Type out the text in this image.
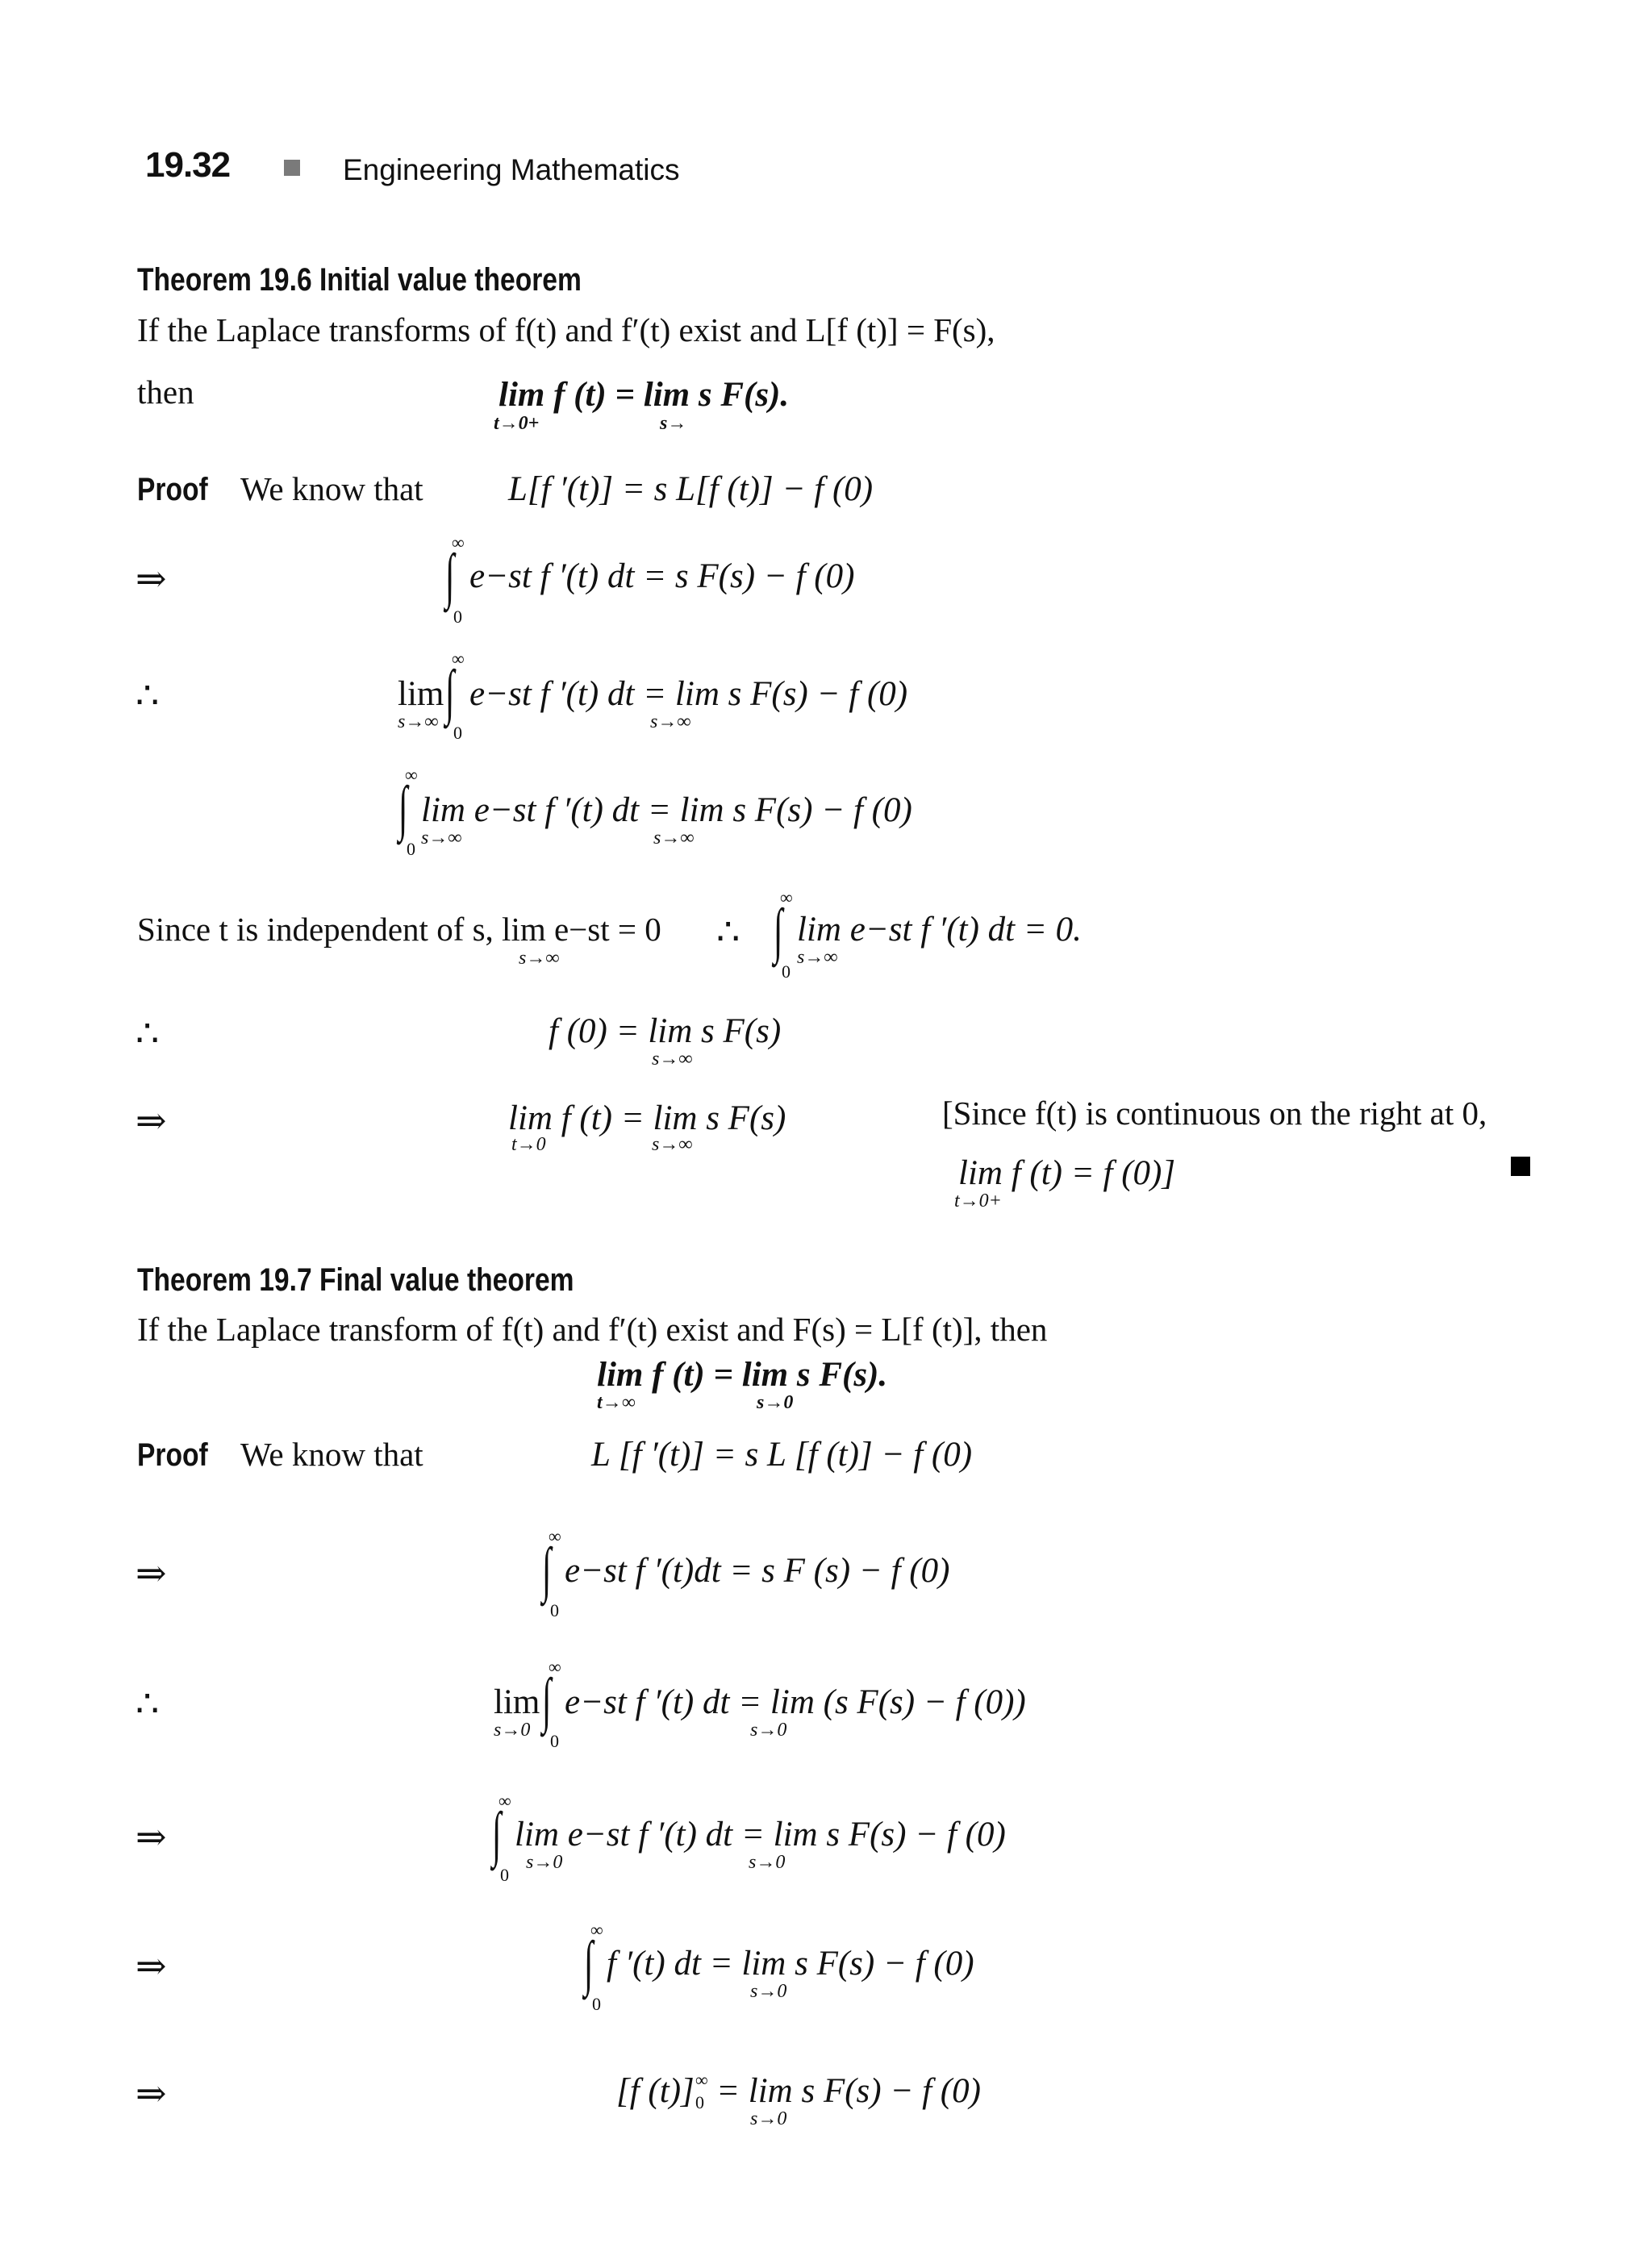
19.32	Engineering Mathematics
Theorem 19.6 Initial value theorem
If the Laplace transforms of f(t) and f′(t) exist and L[f (t)] = F(s),
then	lim f (t) = lim s F(s).
t→0+	s→
Proof We know that L[f ′(t)] = s L[f (t)] − f (0)
⇒
∞
∫
0
e−st f ′(t) dt = s F(s) − f (0)
∴	lim
s→∞
∞
∫
0
e−st f ′(t) dt = lim s F(s) − f (0)
s→∞
∞
∫
0
lim e−st f ′(t) dt = lim s F(s) − f (0)
s→∞	s→∞
Since t is independent of s, lim e−st = 0
s→∞
∴
∞
∫
0
lim e−st f ′(t) dt = 0.
s→∞
∴	f (0) = lim s F(s)
s→∞
⇒	lim f (t) = lim s F(s)
t→0	s→∞
[Since f(t) is continuous on the right at 0,
lim f (t) = f (0)]
t→0+
Theorem 19.7 Final value theorem
If the Laplace transform of f(t) and f′(t) exist and F(s) = L[f (t)], then
lim f (t) = lim s F(s).
t→∞	s→0
Proof We know that	L [f ′(t)] = s L [f (t)] − f (0)
⇒
∞
∫
0
e−st f ′(t)dt = s F (s) − f (0)
∴	lim
s→0
∞
∫
0
e−st f ′(t) dt = lim (s F(s) − f (0))
s→0
⇒
∞
∫
0
lim e−st f ′(t) dt = lim s F(s) − f (0)
s→0	s→0
⇒
∞
∫
0
f ′(t) dt = lim s F(s) − f (0)
s→0
⇒	[f (t)] ∞
0 = lim s F(s) − f (0)
s→0
